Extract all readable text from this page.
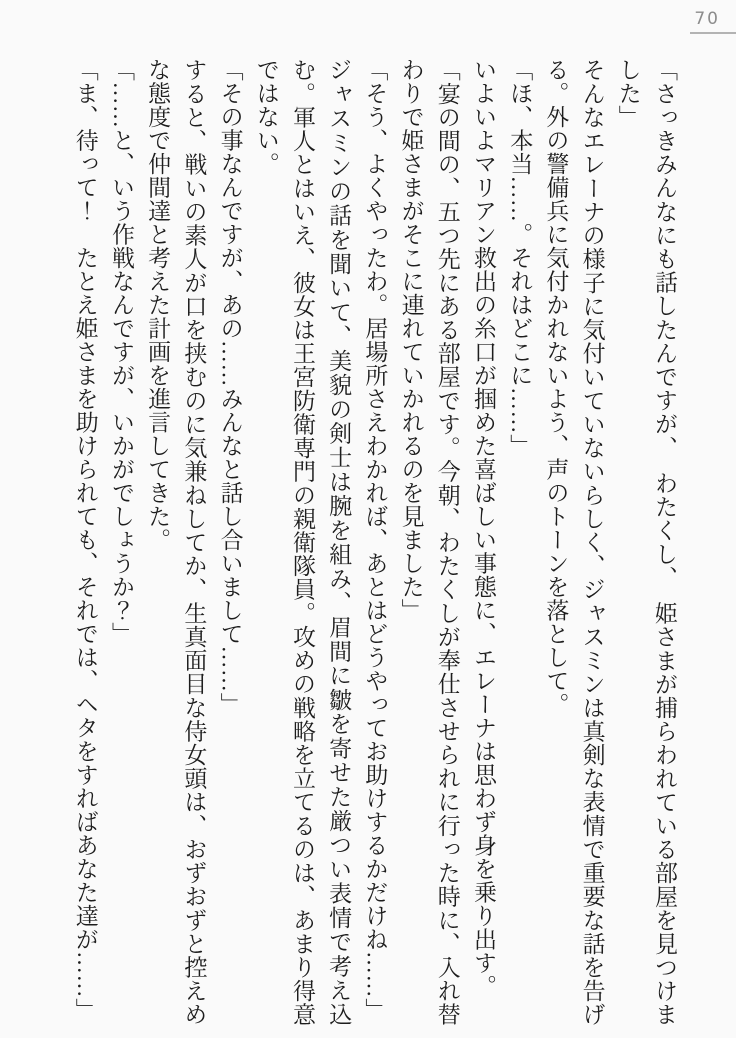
70

「さっきみんなにも話したんですが、　わたくし、　姫さまが捕らわれている部屋を見つけました」

そんなエレーナの様子に気付いていないらしく、ジャスミンは真剣な表情で重要な話を告げる。外の警備兵に気付かれないよう、声のトーンを落として。

「ほ、本当……。それはどこに……」

いよいよマリアン救出の糸口が掴めた喜ばしい事態に、エレーナは思わず身を乗り出す。

「宴の間の、五つ先にある部屋です。今朝、わたくしが奉仕させられに行った時に、入れ替わりで姫さまがそこに連れていかれるのを見ました」

「そう、よくやったわ。居場所さえわかれば、あとはどうやってお助けするかだけね……」

ジャスミンの話を聞いて、美貌の剣士は腕を組み、眉間に皺を寄せた厳つい表情で考え込む。軍人とはいえ、彼女は王宮防衛専門の親衛隊員。攻めの戦略を立てるのは、あまり得意ではない。

「その事なんですが、あの……みんなと話し合いまして……」

すると、戦いの素人が口を挟むのに気兼ねしてか、生真面目な侍女頭は、おずおずと控えめな態度で仲間達と考えた計画を進言してきた。

「……と、いう作戦なんですが、いかがでしょうか？」

「ま、待って！　たとえ姫さまを助けられても、それでは、ヘタをすればあなた達が……」
